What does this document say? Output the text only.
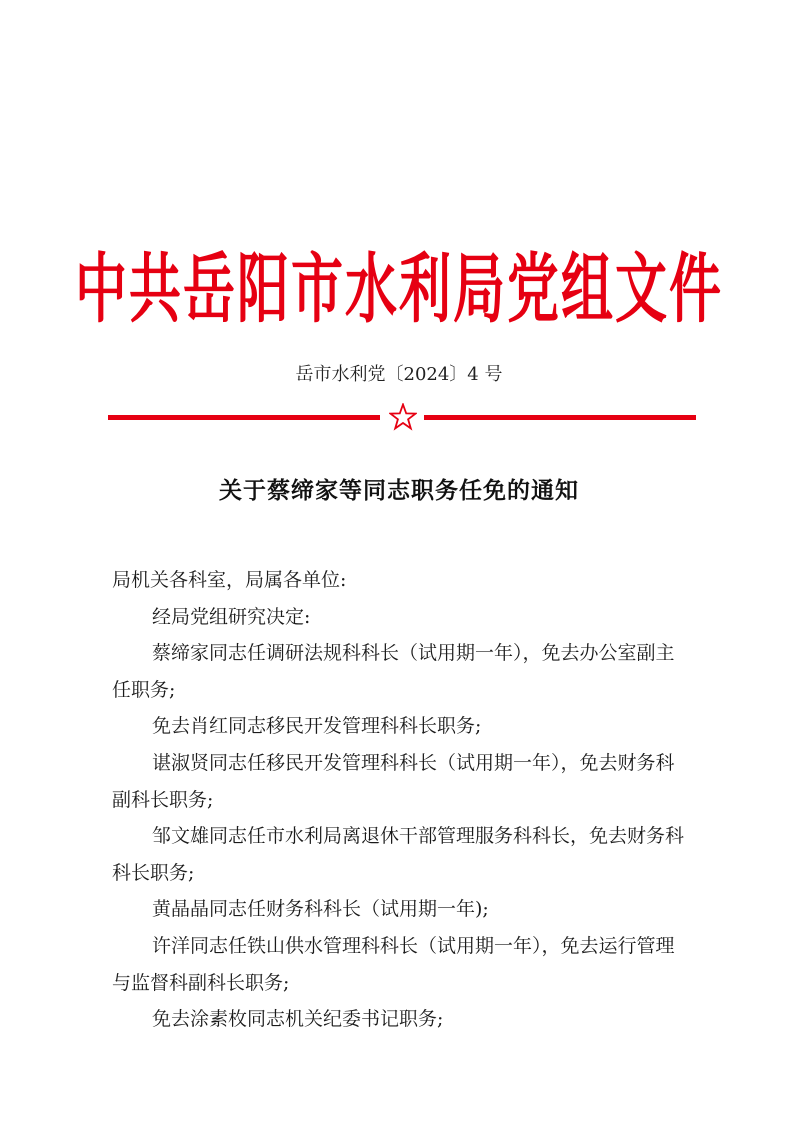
中共岳阳市水利局党组文件
岳市水利党〔2024〕4 号
关于蔡缔家等同志职务任免的通知

局机关各科室，局属各单位:

经局党组研究决定:

蔡缔家同志任调研法规科科长（试用期一年），免去办公室副主任职务;

免去肖红同志移民开发管理科科长职务;

谌淑贤同志任移民开发管理科科长（试用期一年），免去财务科副科长职务;

邹文雄同志任市水利局离退休干部管理服务科科长，免去财务科科长职务;

黄晶晶同志任财务科科长（试用期一年);

许洋同志任铁山供水管理科科长（试用期一年），免去运行管理与监督科副科长职务;

免去涂素枚同志机关纪委书记职务;
